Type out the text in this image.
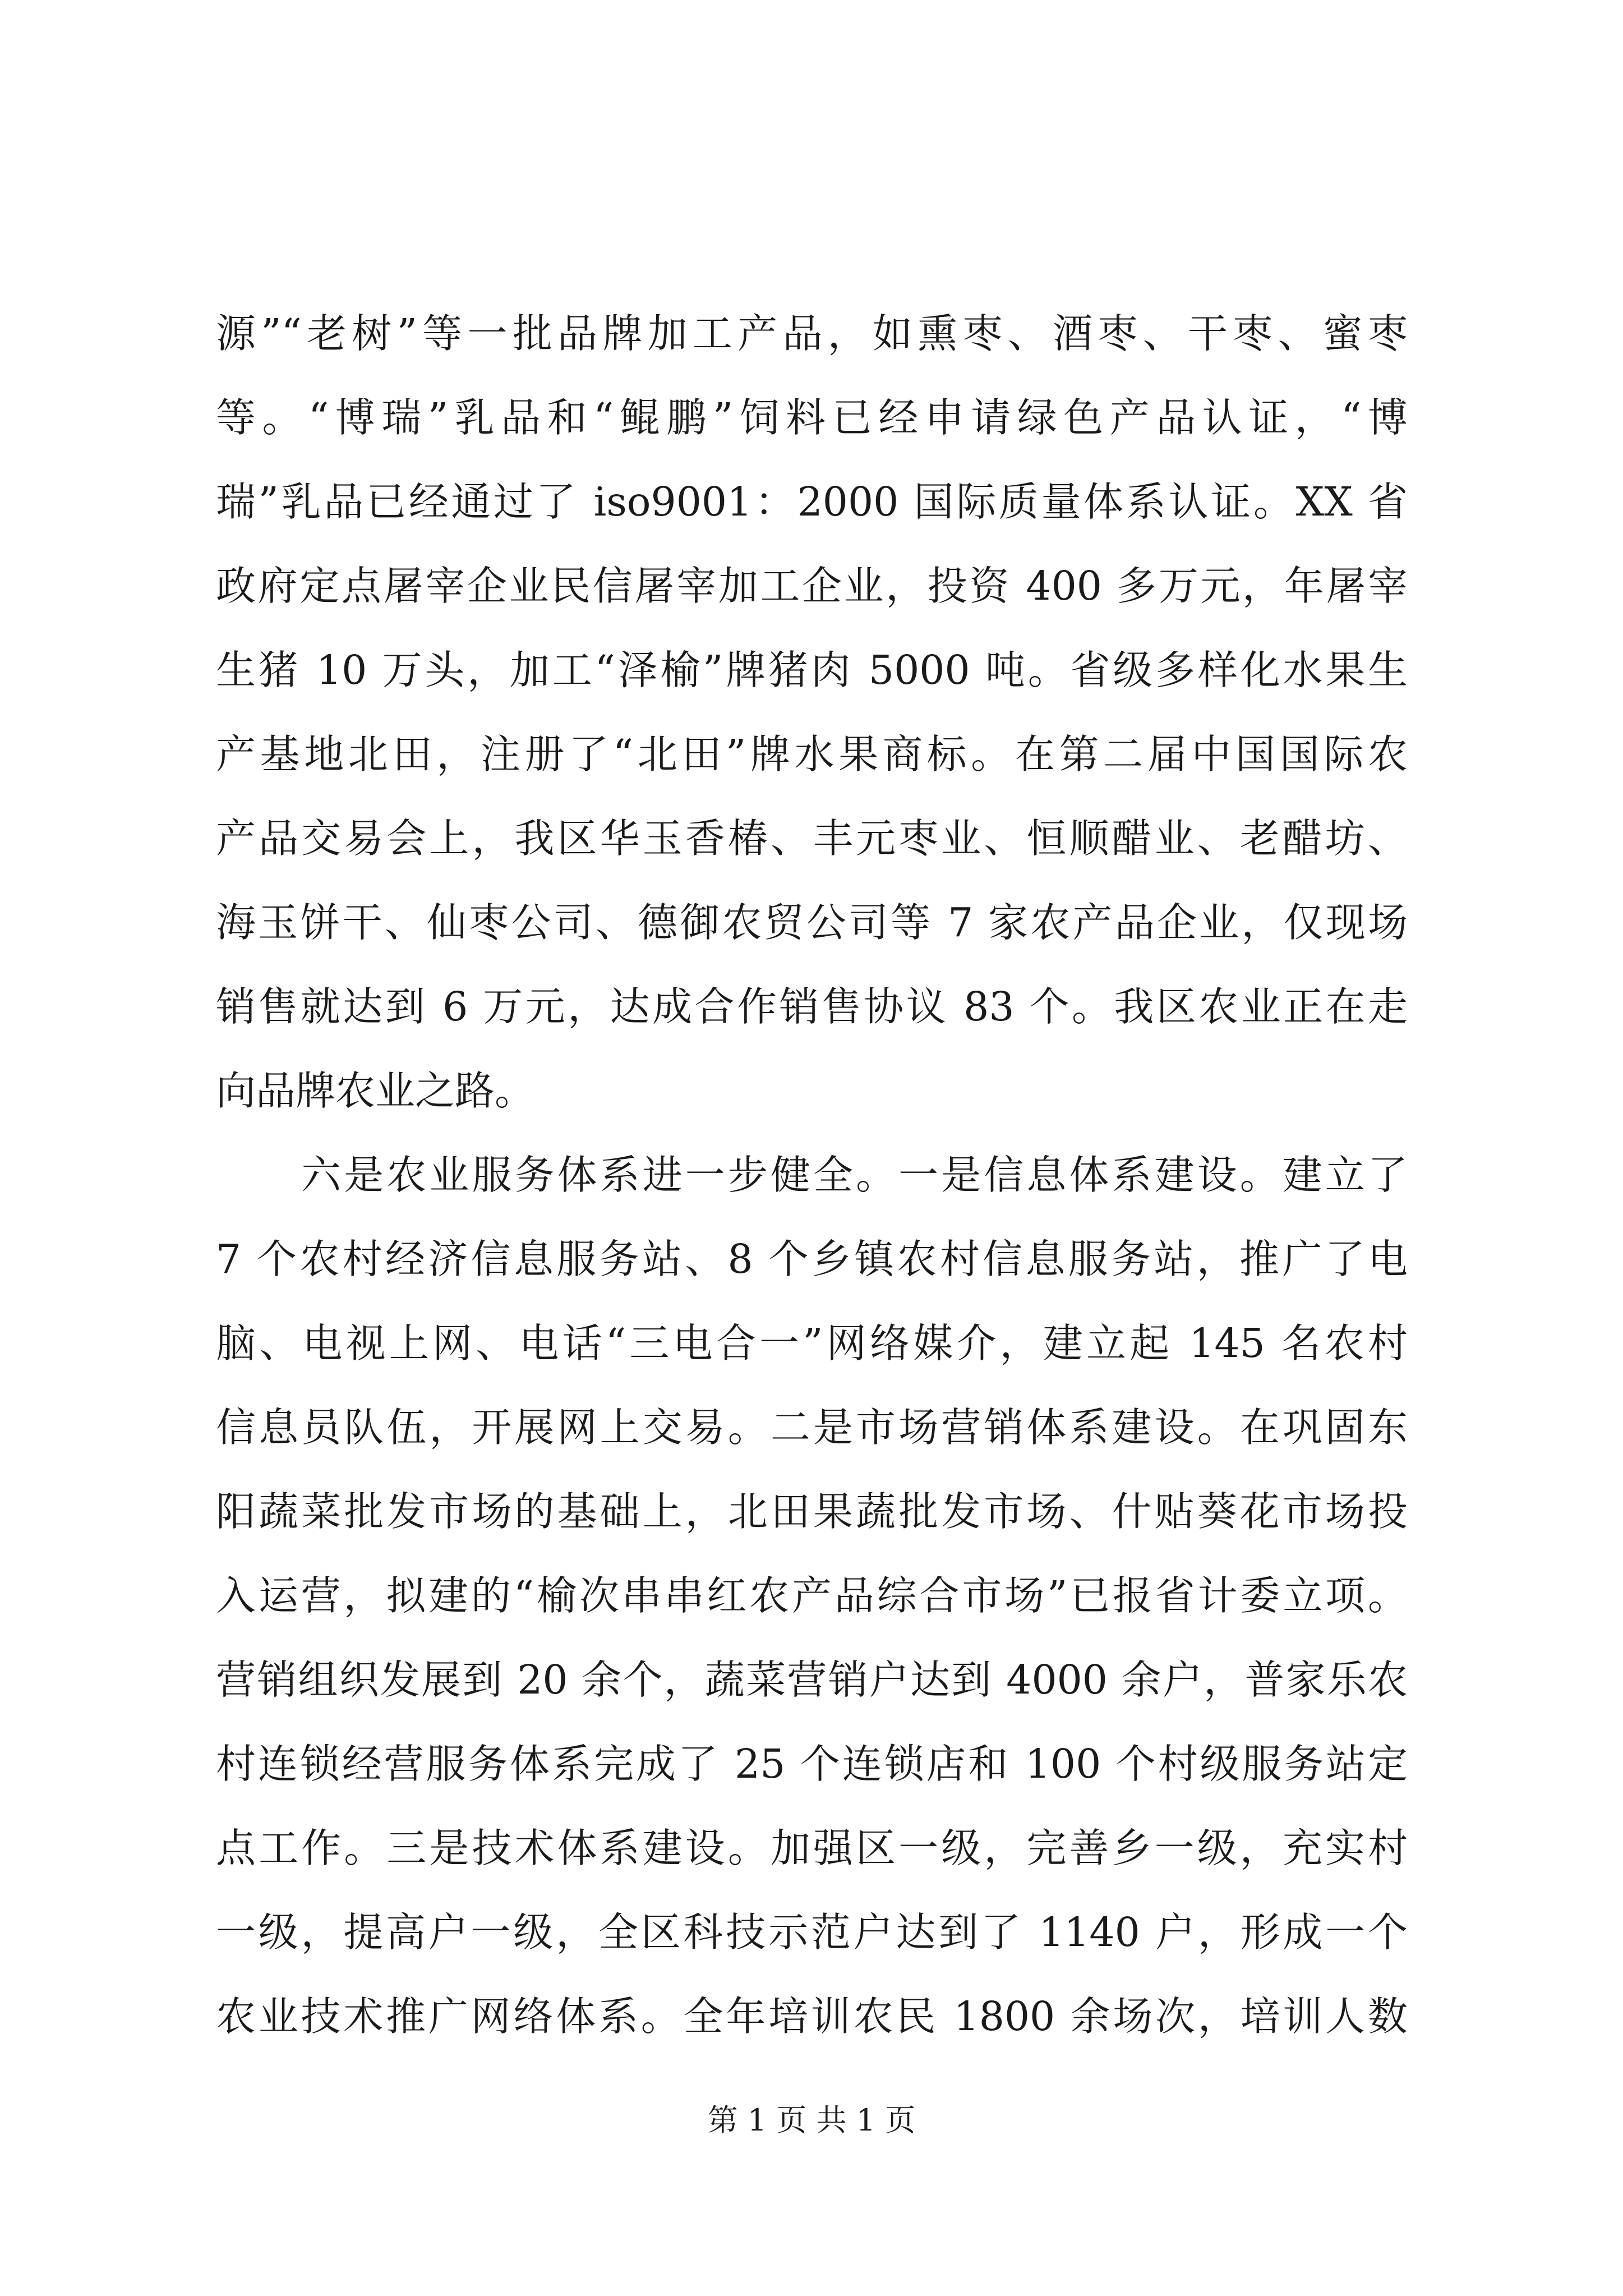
源”“老树”等一批品牌加工产品，如熏枣、酒枣、干枣、蜜枣
等。“博瑞”乳品和“鲲鹏”饲料已经申请绿色产品认证，“博
瑞”乳品已经通过了 iso9001：2000 国际质量体系认证。XX 省
政府定点屠宰企业民信屠宰加工企业，投资 400 多万元，年屠宰
生猪 10 万头，加工“泽榆”牌猪肉 5000 吨。省级多样化水果生
产基地北田，注册了“北田”牌水果商标。在第二届中国国际农
产品交易会上，我区华玉香椿、丰元枣业、恒顺醋业、老醋坊、
海玉饼干、仙枣公司、德御农贸公司等 7 家农产品企业，仅现场
销售就达到 6 万元，达成合作销售协议 83 个。我区农业正在走
向品牌农业之路。
　　六是农业服务体系进一步健全。一是信息体系建设。建立了
7 个农村经济信息服务站、8 个乡镇农村信息服务站，推广了电
脑、电视上网、电话“三电合一”网络媒介，建立起 145 名农村
信息员队伍，开展网上交易。二是市场营销体系建设。在巩固东
阳蔬菜批发市场的基础上，北田果蔬批发市场、什贴葵花市场投
入运营，拟建的“榆次串串红农产品综合市场”已报省计委立项。
营销组织发展到 20 余个，蔬菜营销户达到 4000 余户，普家乐农
村连锁经营服务体系完成了 25 个连锁店和 100 个村级服务站定
点工作。三是技术体系建设。加强区一级，完善乡一级，充实村
一级，提高户一级，全区科技示范户达到了 1140 户，形成一个
农业技术推广网络体系。全年培训农民 1800 余场次，培训人数
第 1 页 共 1 页
